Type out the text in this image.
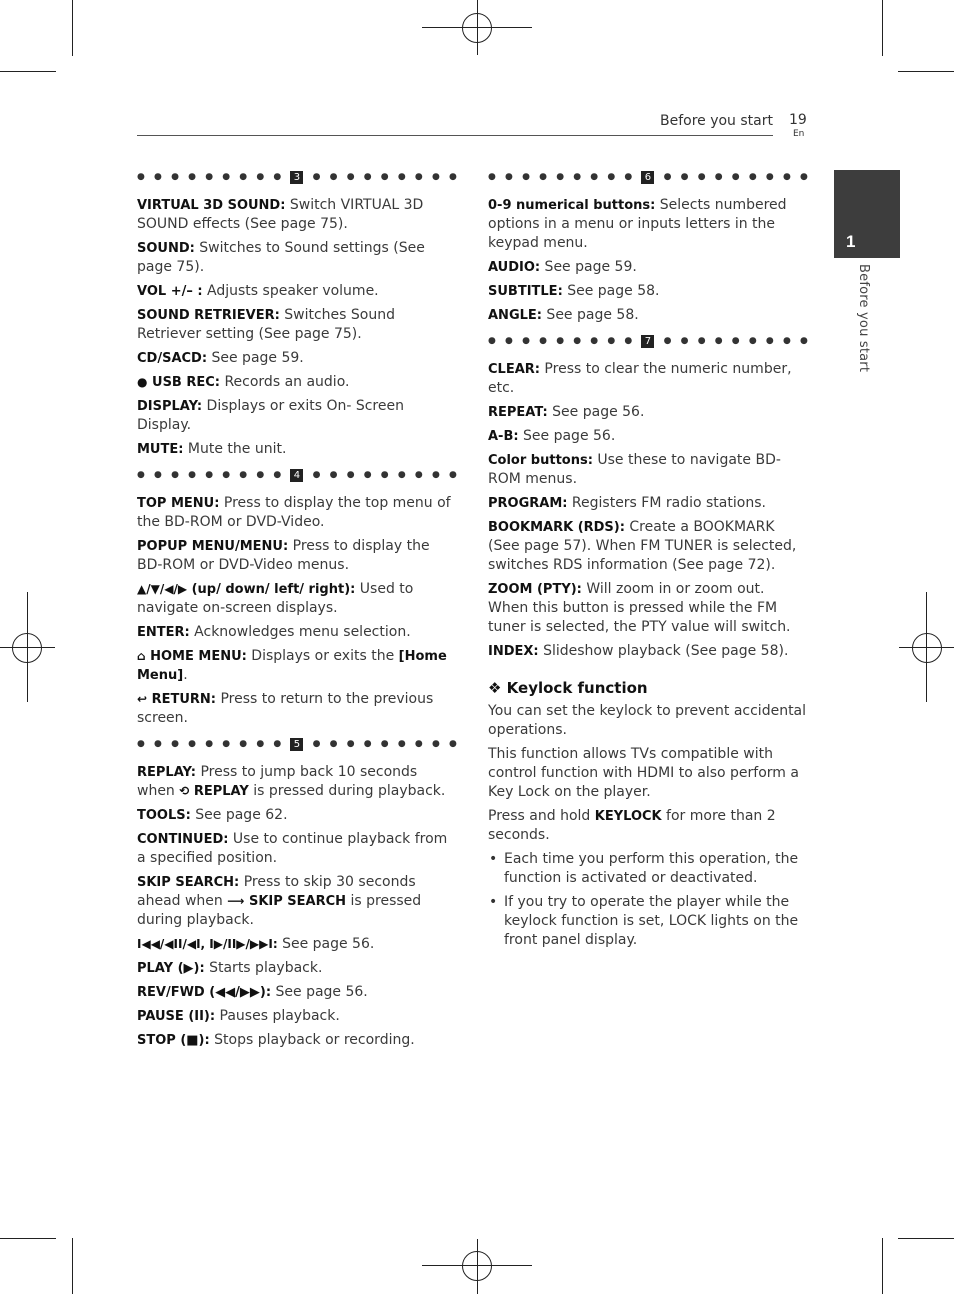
Before you start 19
En
1
Before you start
● ● ● ● ● ● ● ● ●	3	● ● ● ● ● ● ● ● ●
VIRTUAL 3D SOUND: Switch VIRTUAL 3D SOUND effects (See page 75).
SOUND: Switches to Sound settings (See page 75).
VOL +/– : Adjusts speaker volume.
SOUND RETRIEVER: Switches Sound Retriever setting (See page 75).
CD/SACD: See page 59.
● USB REC: Records an audio.
DISPLAY: Displays or exits On- Screen Display.
MUTE: Mute the unit.
● ● ● ● ● ● ● ● ●	4	● ● ● ● ● ● ● ● ●
TOP MENU: Press to display the top menu of the BD-ROM or DVD-Video.
POPUP MENU/MENU: Press to display the BD-ROM or DVD-Video menus.
▲/▼/◀/▶ (up/ down/ left/ right): Used to navigate on-screen displays.
ENTER: Acknowledges menu selection.
⌂ HOME MENU: Displays or exits the [Home Menu].
↩ RETURN: Press to return to the previous screen.
● ● ● ● ● ● ● ● ●	5	● ● ● ● ● ● ● ● ●
REPLAY: Press to jump back 10 seconds when ⟲ REPLAY is pressed during playback.
TOOLS: See page 62.
CONTINUED: Use to continue playback from a specified position.
SKIP SEARCH: Press to skip 30 seconds ahead when ⟶ SKIP SEARCH is pressed during playback.
I◀◀/◀II/◀I, I▶/II▶/▶▶I: See page 56.
PLAY (▶): Starts playback.
REV/FWD (◀◀/▶▶): See page 56.
PAUSE (II): Pauses playback.
STOP (■): Stops playback or recording.
● ● ● ● ● ● ● ● ●	6	● ● ● ● ● ● ● ● ●
0-9 numerical buttons: Selects numbered options in a menu or inputs letters in the keypad menu.
AUDIO: See page 59.
SUBTITLE: See page 58.
ANGLE: See page 58.
● ● ● ● ● ● ● ● ●	7	● ● ● ● ● ● ● ● ●
CLEAR: Press to clear the numeric number, etc.
REPEAT: See page 56.
A-B: See page 56.
Color buttons: Use these to navigate BD-ROM menus.
PROGRAM: Registers FM radio stations.
BOOKMARK (RDS): Create a BOOKMARK (See page 57). When FM TUNER is selected, switches RDS information (See page 72).
ZOOM (PTY): Will zoom in or zoom out. When this button is pressed while the FM tuner is selected, the PTY value will switch.
INDEX: Slideshow playback (See page 58).
❖ Keylock function
You can set the keylock to prevent accidental operations.
This function allows TVs compatible with control function with HDMI to also perform a Key Lock on the player.
Press and hold KEYLOCK for more than 2 seconds.
• Each time you perform this operation, the function is activated or deactivated.
• If you try to operate the player while the keylock function is set, LOCK lights on the front panel display.
